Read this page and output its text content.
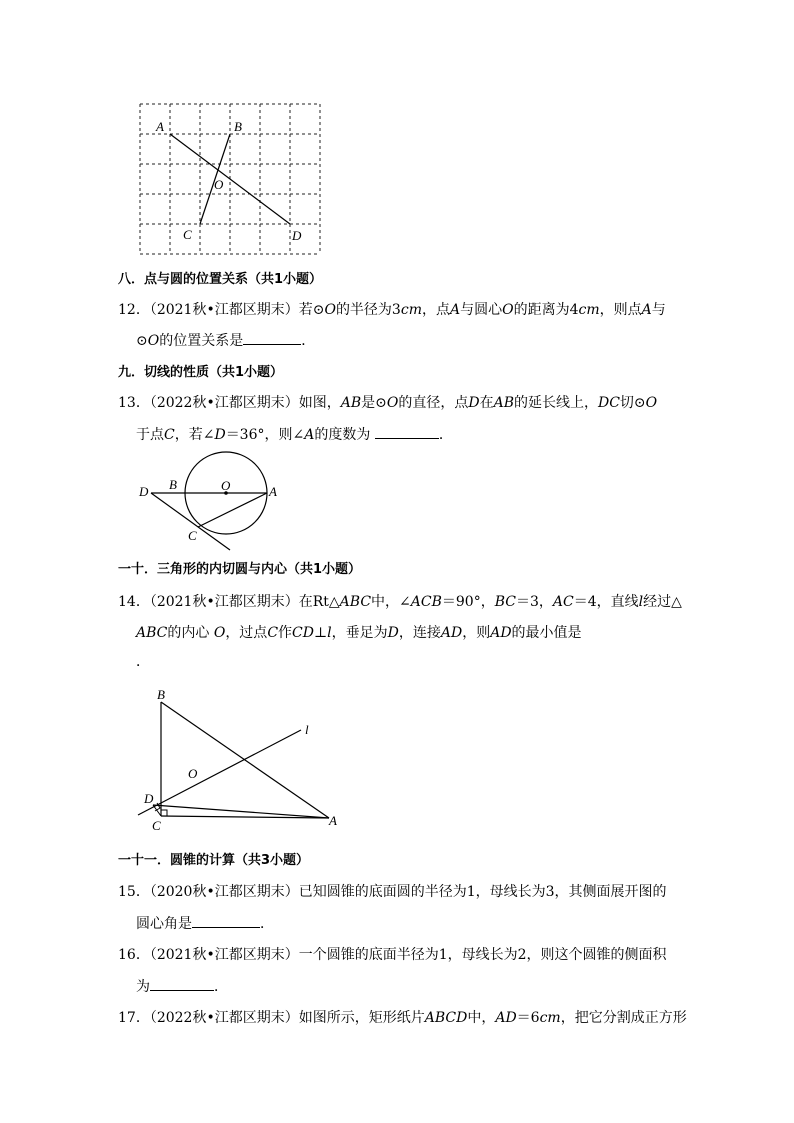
A	B
O
C	D
八．点与圆的位置关系（共1小题）
12．（2021秋•江都区期末）若⊙O的半径为3cm，点A与圆心O的距离为4cm，则点A与
⊙O的位置关系是	．
九．切线的性质（共1小题）
13．（2022秋•江都区期末）如图，AB是⊙O的直径，点D在AB的延长线上，DC切⊙O
于点C，若∠D＝36°，则∠A的度数为	．
D B	O	A
C
一十．三角形的内切圆与内心（共1小题）
14．（2021秋•江都区期末）在Rt△ABC中，∠ACB＝90°，BC＝3，AC＝4，直线l经过△
ABC的内心 O，过点C作CD⊥l，垂足为D，连接AD，则AD的最小值是
．
B
l
O
D
C	A
一十一．圆锥的计算（共3小题）
15．（2020秋•江都区期末）已知圆锥的底面圆的半径为1，母线长为3，其侧面展开图的
圆心角是	．
16．（2021秋•江都区期末）一个圆锥的底面半径为1，母线长为2，则这个圆锥的侧面积
为	．
17．（2022秋•江都区期末）如图所示，矩形纸片ABCD中，AD＝6cm，把它分割成正方形
